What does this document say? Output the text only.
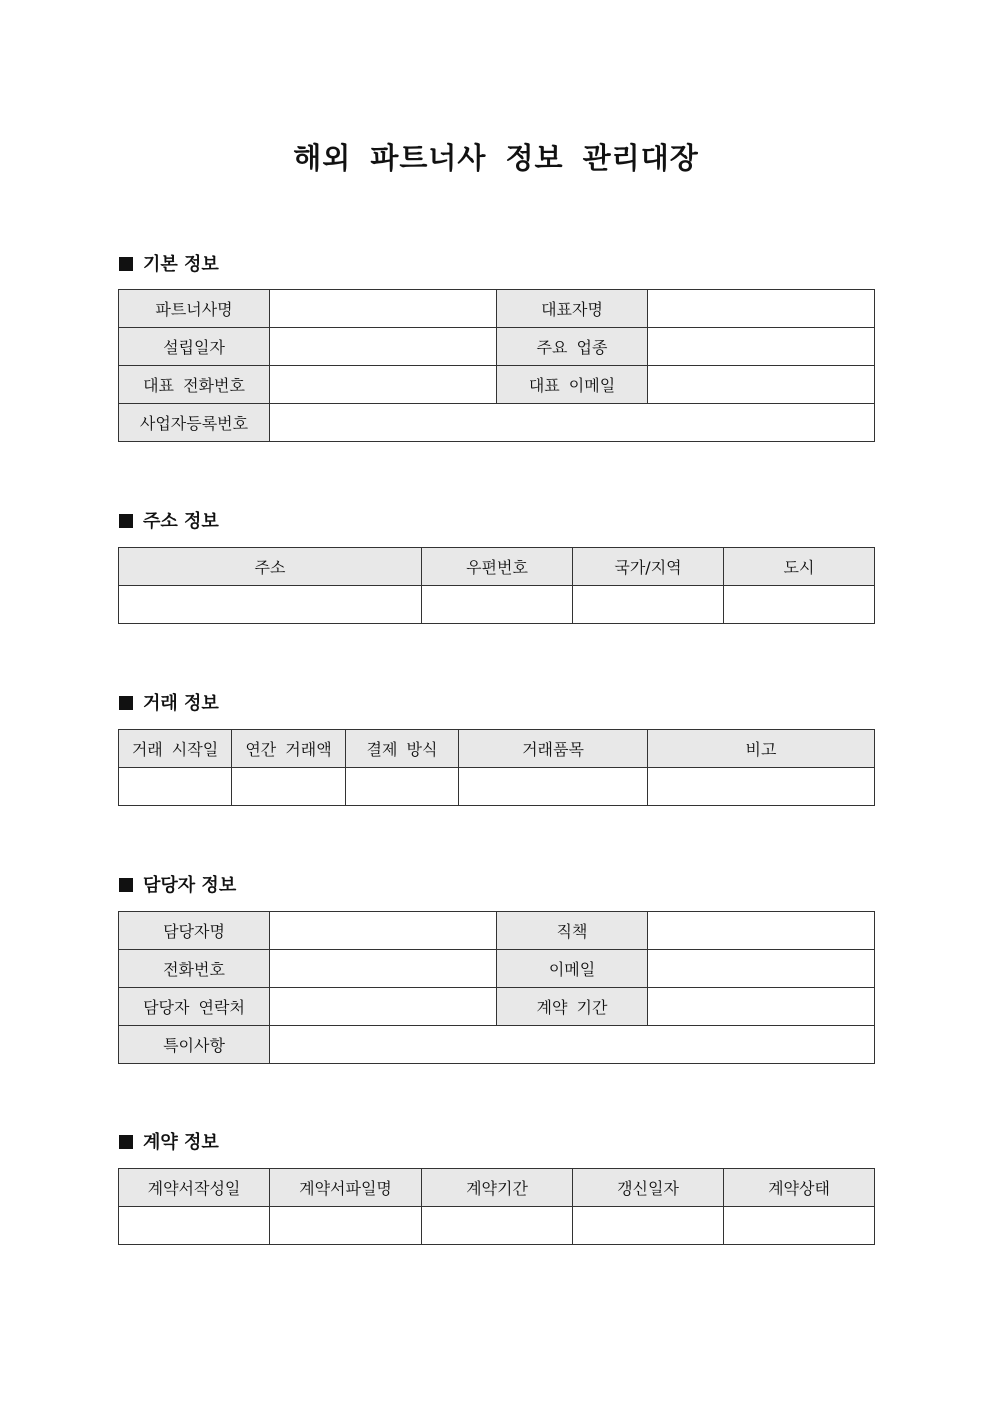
해외 파트너사 정보 관리대장
기본 정보
파트너사명		대표자명	
설립일자		주요 업종	
대표 전화번호		대표 이메일	
사업자등록번호			
주소 정보
주소	우편번호	국가/지역	도시

거래 정보
거래 시작일	연간 거래액	결제 방식	거래품목	비고

담당자 정보
담당자명		직책	
전화번호		이메일	
담당자 연락처		계약 기간	
특이사항			
계약 정보
계약서작성일	계약서파일명	계약기간	갱신일자	계약상태
